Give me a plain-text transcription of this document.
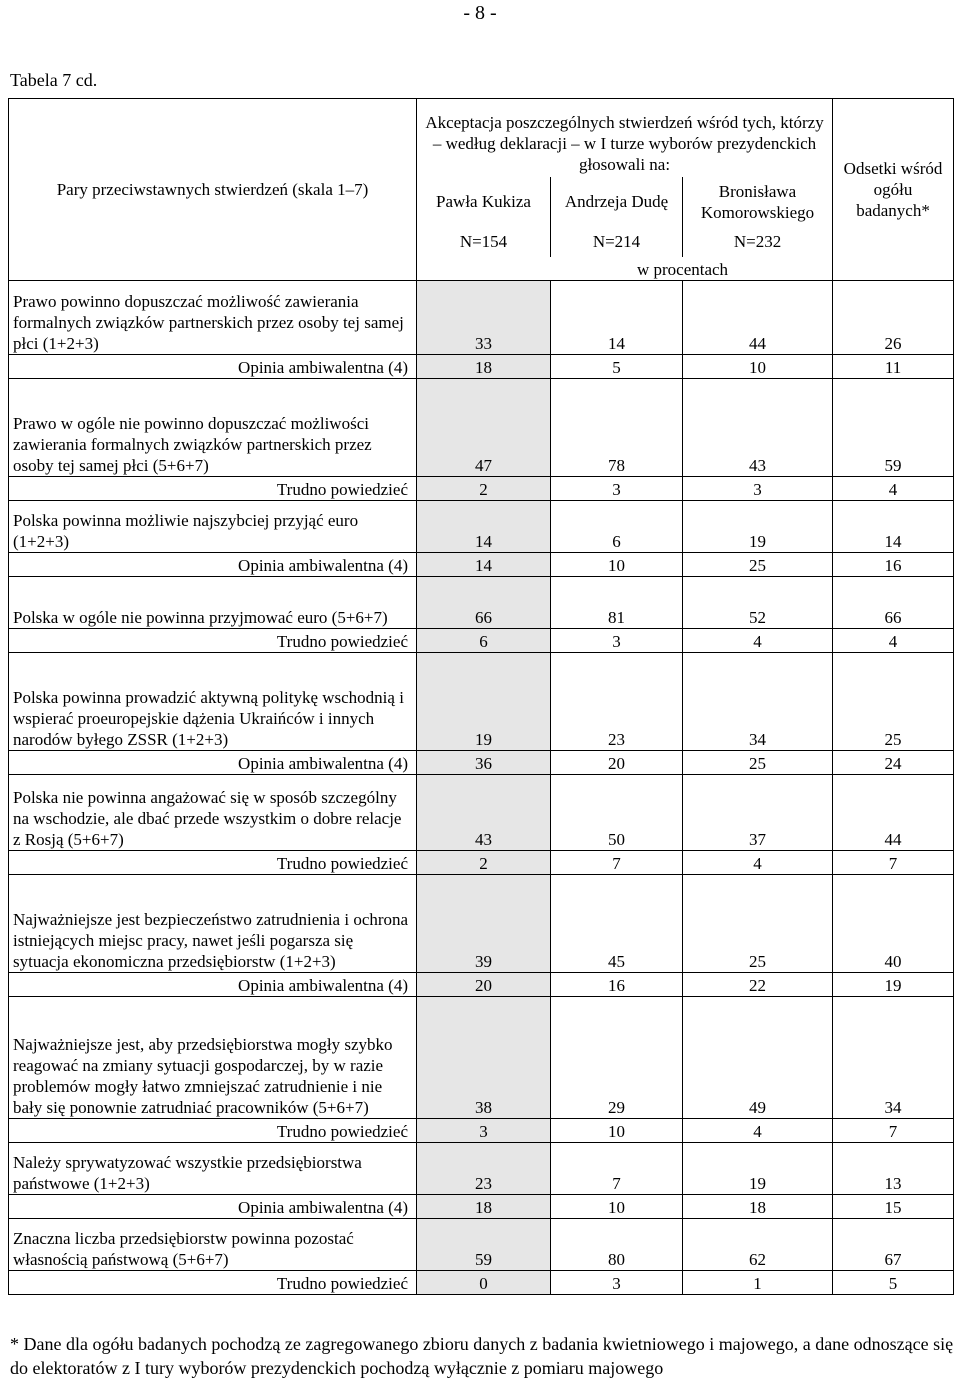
- 8 -
Tabela 7 cd.
Pary przeciwstawnych stwierdzeń (skala 1–7)	Akceptacja poszczególnych stwierdzeń wśród tych, którzy – według deklaracji – w I turze wyborów prezydenckich głosowali na:			Odsetki wśród ogółu badanych*
	Pawła Kukiza	Andrzeja Dudę	Bronisława Komorowskiego	
	N=154	N=214	N=232	
	w procentach			
Prawo powinno dopuszczać możliwość zawierania formalnych związków partnerskich przez osoby tej samej płci (1+2+3)	33	14	44	26
Opinia ambiwalentna (4)	18	5	10	11
Prawo w ogóle nie powinno dopuszczać możliwości zawierania formalnych związków partnerskich przez osoby tej samej płci (5+6+7)	47	78	43	59
Trudno powiedzieć	2	3	3	4
Polska powinna możliwie najszybciej przyjąć euro (1+2+3)	14	6	19	14
Opinia ambiwalentna (4)	14	10	25	16
Polska w ogóle nie powinna przyjmować euro (5+6+7)	66	81	52	66
Trudno powiedzieć	6	3	4	4
Polska powinna prowadzić aktywną politykę wschodnią i wspierać proeuropejskie dążenia Ukraińców i innych narodów byłego ZSSR (1+2+3)	19	23	34	25
Opinia ambiwalentna (4)	36	20	25	24
Polska nie powinna angażować się w sposób szczególny na wschodzie, ale dbać przede wszystkim o dobre relacje z Rosją (5+6+7)	43	50	37	44
Trudno powiedzieć	2	7	4	7
Najważniejsze jest bezpieczeństwo zatrudnienia i ochrona istniejących miejsc pracy, nawet jeśli pogarsza się sytuacja ekonomiczna przedsiębiorstw (1+2+3)	39	45	25	40
Opinia ambiwalentna (4)	20	16	22	19
Najważniejsze jest, aby przedsiębiorstwa mogły szybko reagować na zmiany sytuacji gospodarczej, by w razie problemów mogły łatwo zmniejszać zatrudnienie i nie bały się ponownie zatrudniać pracowników (5+6+7)	38	29	49	34
Trudno powiedzieć	3	10	4	7
Należy sprywatyzować wszystkie przedsiębiorstwa państwowe (1+2+3)	23	7	19	13
Opinia ambiwalentna (4)	18	10	18	15
Znaczna liczba przedsiębiorstw powinna pozostać własnością państwową (5+6+7)	59	80	62	67
Trudno powiedzieć	0	3	1	5
* Dane dla ogółu badanych pochodzą ze zagregowanego zbioru danych z badania kwietniowego i majowego, a dane odnoszące się do elektoratów z I tury wyborów prezydenckich pochodzą wyłącznie z pomiaru majowego
